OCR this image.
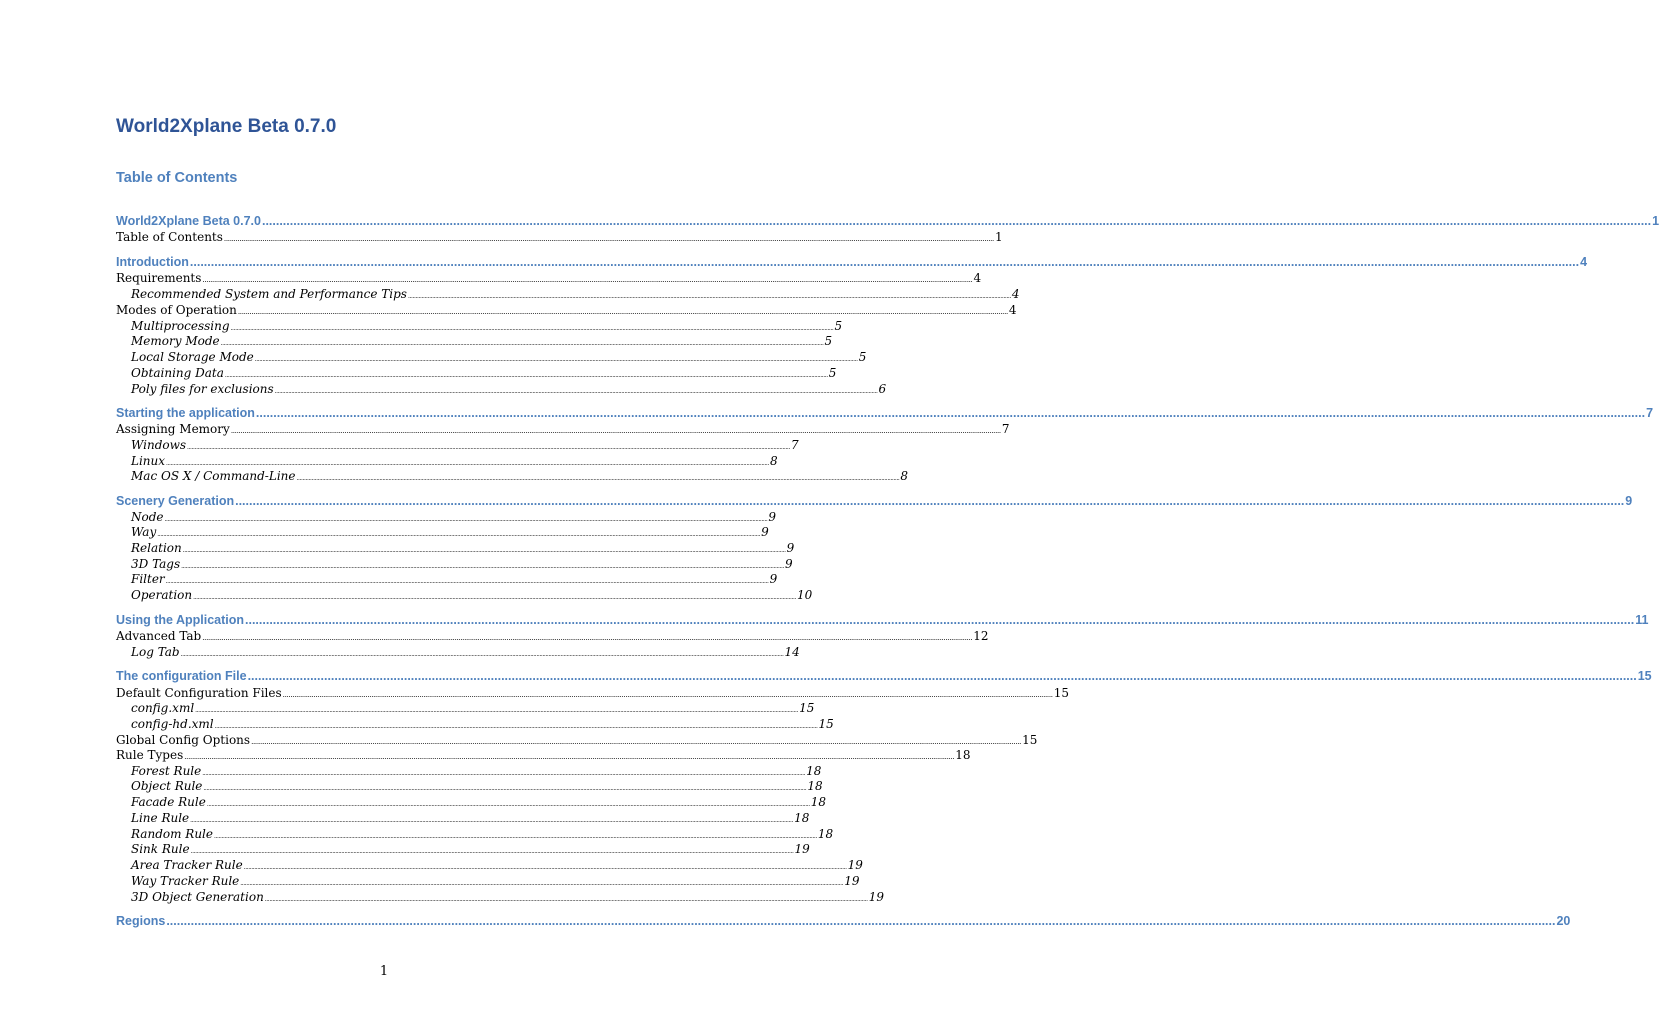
World2Xplane Beta 0.7.0
Table of Contents
World2Xplane Beta 0.7.0 ................................................................................................................................................................................................................................................................................................................................................................................................................ 1
Table of Contents ................................................................................................................................................................................................................................................................................................................................................................................................................ 1
Introduction ................................................................................................................................................................................................................................................................................................................................................................................................................ 4
Requirements ................................................................................................................................................................................................................................................................................................................................................................................................................ 4
Recommended System and Performance Tips ................................................................................................................................................................................................................................................................................................................................................................................................................ 4
Modes of Operation ................................................................................................................................................................................................................................................................................................................................................................................................................ 4
Multiprocessing ................................................................................................................................................................................................................................................................................................................................................................................................................ 5
Memory Mode ................................................................................................................................................................................................................................................................................................................................................................................................................ 5
Local Storage Mode ................................................................................................................................................................................................................................................................................................................................................................................................................ 5
Obtaining Data ................................................................................................................................................................................................................................................................................................................................................................................................................ 5
Poly files for exclusions ................................................................................................................................................................................................................................................................................................................................................................................................................ 6
Starting the application ................................................................................................................................................................................................................................................................................................................................................................................................................ 7
Assigning Memory ................................................................................................................................................................................................................................................................................................................................................................................................................ 7
Windows ................................................................................................................................................................................................................................................................................................................................................................................................................ 7
Linux ................................................................................................................................................................................................................................................................................................................................................................................................................ 8
Mac OS X / Command-Line ................................................................................................................................................................................................................................................................................................................................................................................................................ 8
Scenery Generation ................................................................................................................................................................................................................................................................................................................................................................................................................ 9
Node ................................................................................................................................................................................................................................................................................................................................................................................................................ 9
Way ................................................................................................................................................................................................................................................................................................................................................................................................................ 9
Relation ................................................................................................................................................................................................................................................................................................................................................................................................................ 9
3D Tags ................................................................................................................................................................................................................................................................................................................................................................................................................ 9
Filter ................................................................................................................................................................................................................................................................................................................................................................................................................ 9
Operation ................................................................................................................................................................................................................................................................................................................................................................................................................ 10
Using the Application ................................................................................................................................................................................................................................................................................................................................................................................................................ 11
Advanced Tab ................................................................................................................................................................................................................................................................................................................................................................................................................ 12
Log Tab ................................................................................................................................................................................................................................................................................................................................................................................................................ 14
The configuration File ................................................................................................................................................................................................................................................................................................................................................................................................................ 15
Default Configuration Files ................................................................................................................................................................................................................................................................................................................................................................................................................ 15
config.xml ................................................................................................................................................................................................................................................................................................................................................................................................................ 15
config-hd.xml ................................................................................................................................................................................................................................................................................................................................................................................................................ 15
Global Config Options ................................................................................................................................................................................................................................................................................................................................................................................................................ 15
Rule Types ................................................................................................................................................................................................................................................................................................................................................................................................................ 18
Forest Rule ................................................................................................................................................................................................................................................................................................................................................................................................................ 18
Object Rule ................................................................................................................................................................................................................................................................................................................................................................................................................ 18
Facade Rule ................................................................................................................................................................................................................................................................................................................................................................................................................ 18
Line Rule ................................................................................................................................................................................................................................................................................................................................................................................................................ 18
Random Rule ................................................................................................................................................................................................................................................................................................................................................................................................................ 18
Sink Rule ................................................................................................................................................................................................................................................................................................................................................................................................................ 19
Area Tracker Rule ................................................................................................................................................................................................................................................................................................................................................................................................................ 19
Way Tracker Rule ................................................................................................................................................................................................................................................................................................................................................................................................................ 19
3D Object Generation ................................................................................................................................................................................................................................................................................................................................................................................................................ 19
Regions ................................................................................................................................................................................................................................................................................................................................................................................................................ 20
1
